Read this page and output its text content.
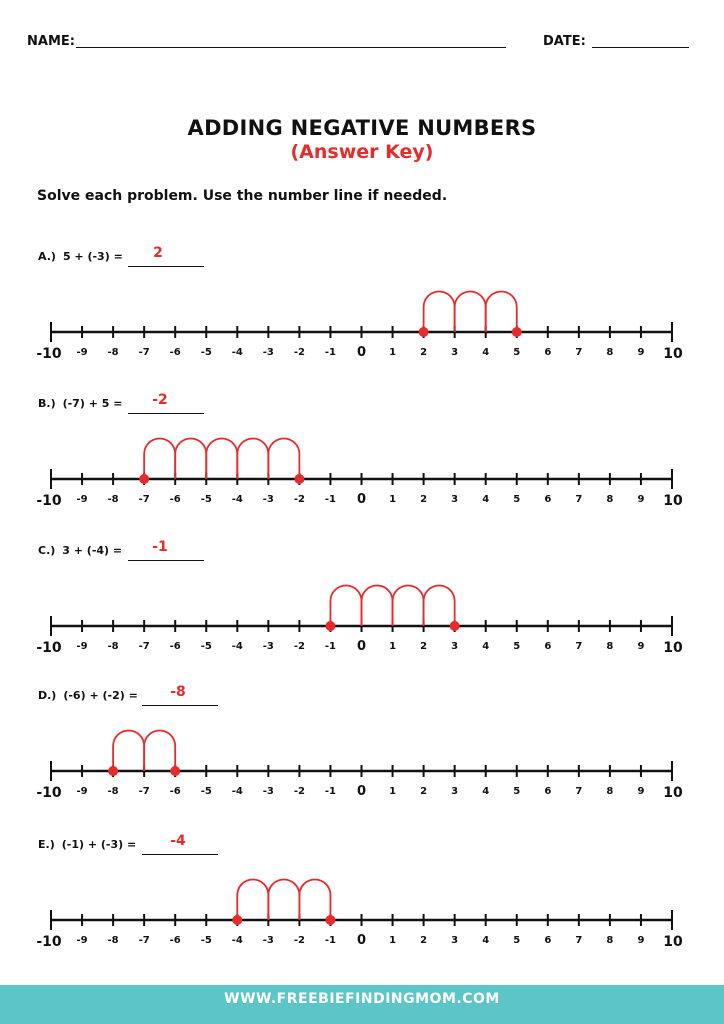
NAME:	DATE:
ADDING NEGATIVE NUMBERS
(Answer Key)
Solve each problem. Use the number line if needed.
A.) 5 + (-3) =	2
-10 -9 -8 -7 -6 -5 -4 -3 -2 -1 0 1 2 3 4 5 6 7 8 9 10
B.) (-7) + 5 =	-2
-10 -9 -8 -7 -6 -5 -4 -3 -2 -1 0 1 2 3 4 5 6 7 8 9 10
C.) 3 + (-4) =	-1
-10 -9 -8 -7 -6 -5 -4 -3 -2 -1 0 1 2 3 4 5 6 7 8 9 10
D.) (-6) + (-2) =	-8
-10 -9 -8 -7 -6 -5 -4 -3 -2 -1 0 1 2 3 4 5 6 7 8 9 10
E.) (-1) + (-3) =	-4
-10 -9 -8 -7 -6 -5 -4 -3 -2 -1 0 1 2 3 4 5 6 7 8 9 10
WWW.FREEBIEFINDINGMOM.COM
